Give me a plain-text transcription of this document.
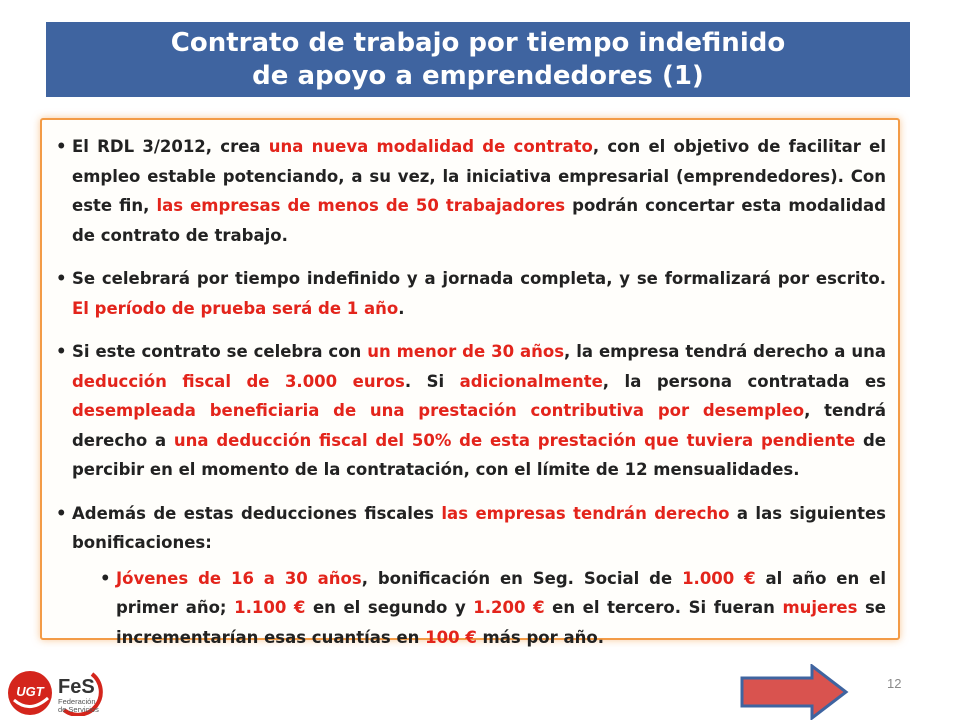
Contrato de trabajo por tiempo indefinido
de apoyo a emprendedores (1)
• El RDL 3/2012, crea una nueva modalidad de contrato, con el objetivo de facilitar el empleo estable potenciando, a su vez, la iniciativa empresarial (emprendedores). Con este fin, las empresas de menos de 50 trabajadores podrán concertar esta modalidad de contrato de trabajo.
• Se celebrará por tiempo indefinido y a jornada completa, y se formalizará por escrito. El período de prueba será de 1 año.
• Si este contrato se celebra con un menor de 30 años, la empresa tendrá derecho a una deducción fiscal de 3.000 euros. Si adicionalmente, la persona contratada es desempleada beneficiaria de una prestación contributiva por desempleo, tendrá derecho a una deducción fiscal del 50% de esta prestación que tuviera pendiente de percibir en el momento de la contratación, con el límite de 12 mensualidades.
• Además de estas deducciones fiscales las empresas tendrán derecho a las siguientes bonificaciones:
• Jóvenes de 16 a 30 años, bonificación en Seg. Social de 1.000 € al año en el primer año; 1.100 € en el segundo y 1.200 € en el tercero. Si fueran mujeres se incrementarían esas cuantías en 100 € más por año.
UGT FeS
Federación
de Servicios
12
